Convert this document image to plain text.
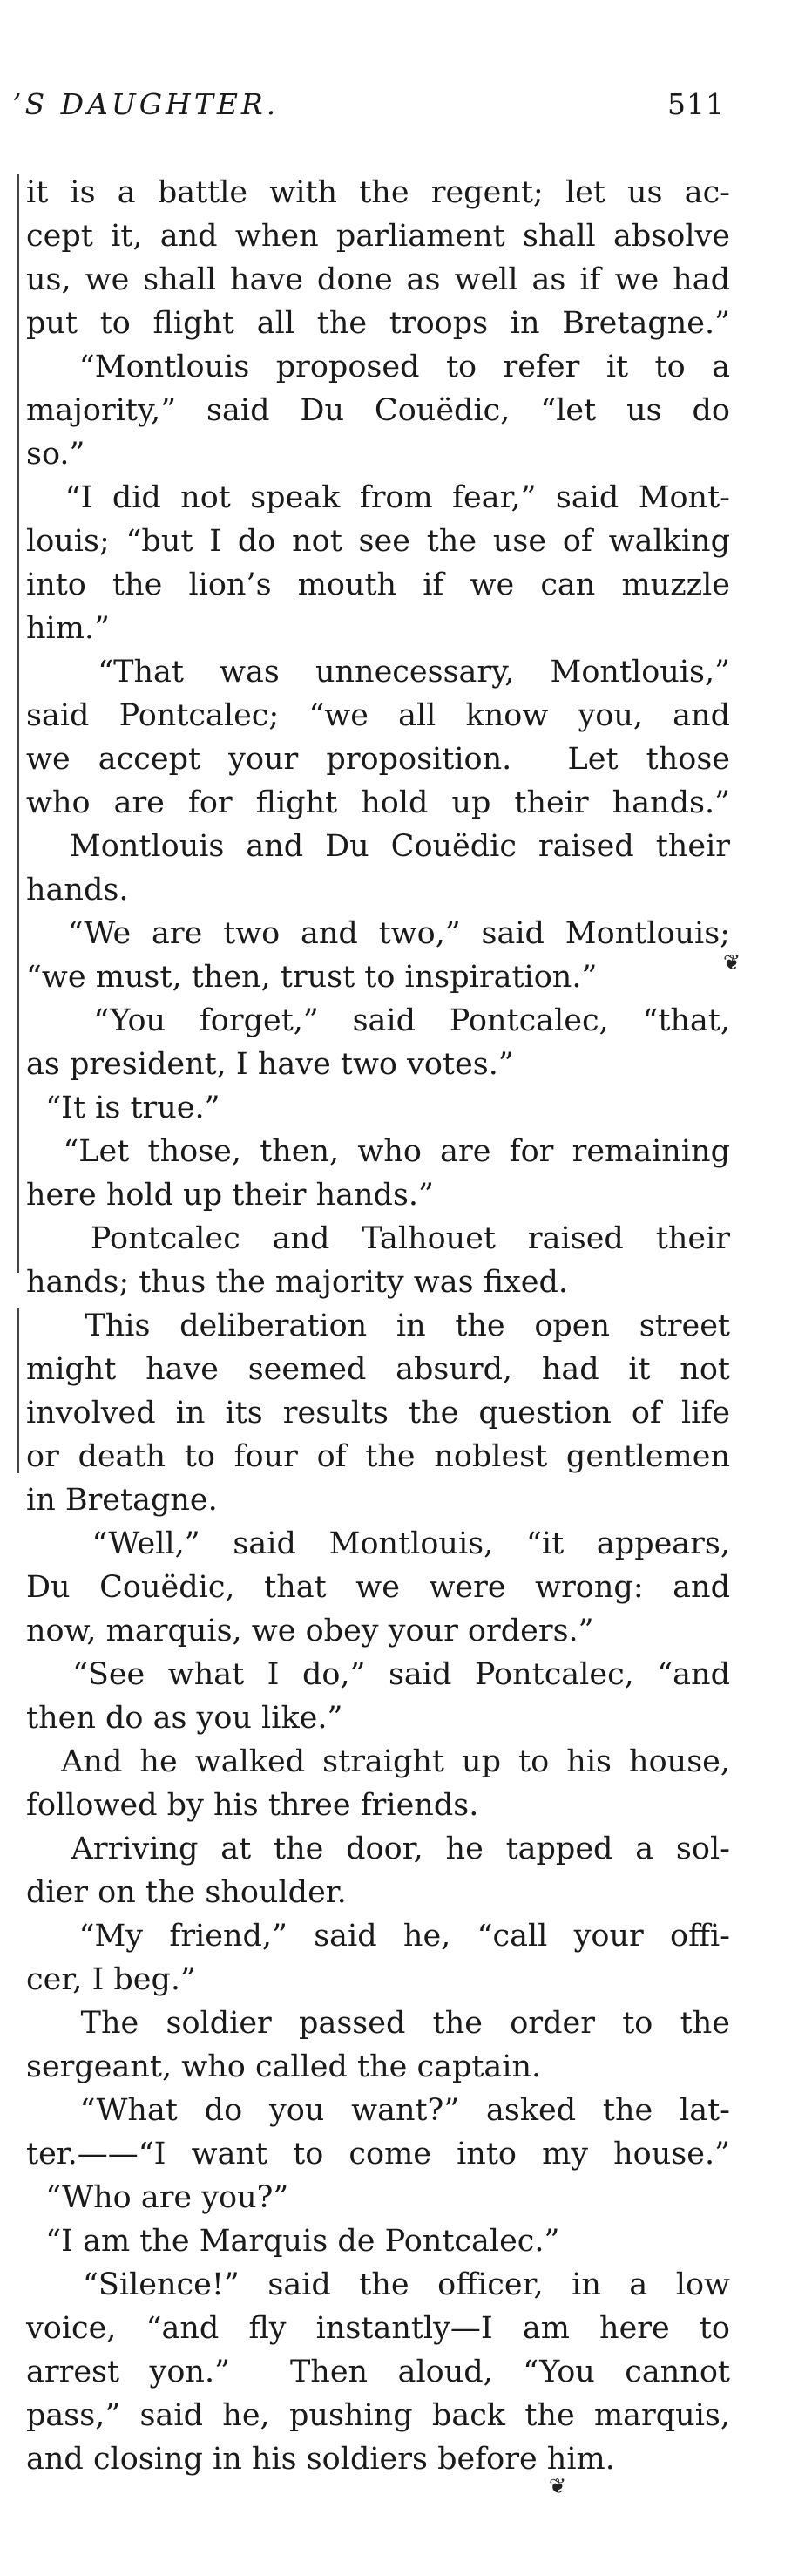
’S DAUGHTER.	511
it is a battle with the regent; let us ac-
cept it, and when parliament shall absolve
us, we shall have done as well as if we had
put to flight all the troops in Bretagne.”
“Montlouis proposed to refer it to a
majority,” said Du Couëdic, “let us do
so.”
“I did not speak from fear,” said Mont-
louis; “but I do not see the use of walking
into the lion’s mouth if we can muzzle
him.”
“That was unnecessary, Montlouis,”
said Pontcalec; “we all know you, and
we accept your proposition.  Let those
who are for flight hold up their hands.”
Montlouis and Du Couëdic raised their
hands.
“We are two and two,” said Montlouis;
“we must, then, trust to inspiration.”
“You forget,” said Pontcalec, “that,
as president, I have two votes.”
“It is true.”
“Let those, then, who are for remaining
here hold up their hands.”
Pontcalec and Talhouet raised their
hands; thus the majority was fixed.
This deliberation in the open street
might have seemed absurd, had it not
involved in its results the question of life
or death to four of the noblest gentlemen
in Bretagne.
“Well,” said Montlouis, “it appears,
Du Couëdic, that we were wrong: and
now, marquis, we obey your orders.”
“See what I do,” said Pontcalec, “and
then do as you like.”
And he walked straight up to his house,
followed by his three friends.
Arriving at the door, he tapped a sol-
dier on the shoulder.
“My friend,” said he, “call your offi-
cer, I beg.”
The soldier passed the order to the
sergeant, who called the captain.
“What do you want?” asked the lat-
ter.——“I want to come into my house.”
“Who are you?”
“I am the Marquis de Pontcalec.”
“Silence!” said the officer, in a low
voice, “and fly instantly—I am here to
arrest yon.”  Then aloud, “You cannot
pass,” said he, pushing back the marquis,
and closing in his soldiers before him.
❦
❦
